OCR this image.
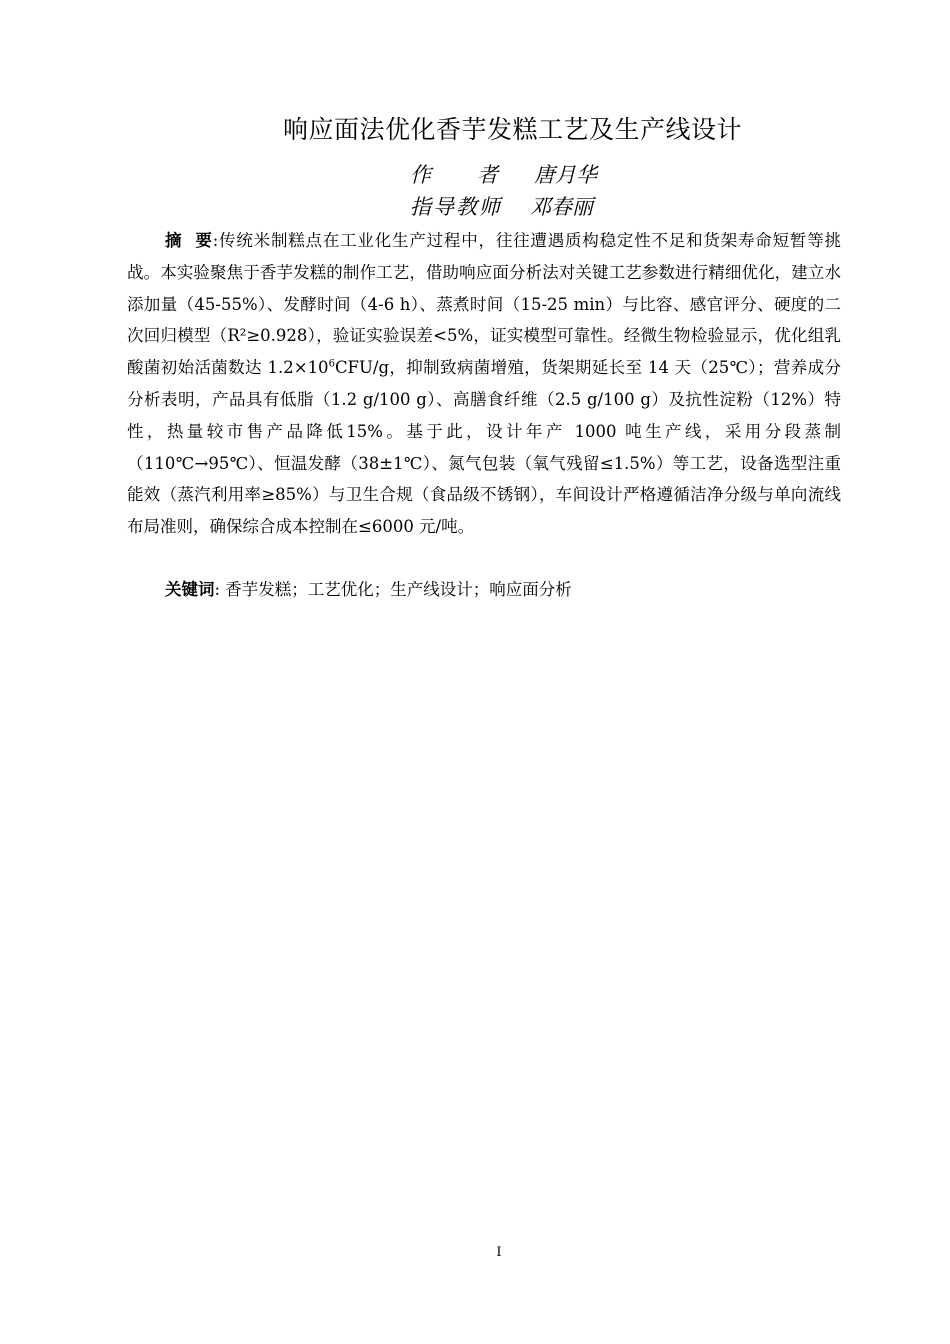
响应面法优化香芋发糕工艺及生产线设计
作者唐月华
指导教师 邓春丽

摘  要:传统米制糕点在工业化生产过程中，往往遭遇质构稳定性不足和货架寿命短暂等挑战。本实验聚焦于香芋发糕的制作工艺，借助响应面分析法对关键工艺参数进行精细优化，建立水添加量（45-55%）、发酵时间（4-6 h）、蒸煮时间（15-25 min）与比容、感官评分、硬度的二次回归模型（R²≥0.928），验证实验误差<5%，证实模型可靠性。经微生物检验显示，优化组乳酸菌初始活菌数达 $1.2\times 10^6CFU/g$，抑制致病菌增殖，货架期延长至 14 天（25℃）；营养成分分析表明，产品具有低脂（1.2 g/100 g）、高膳食纤维（2.5 g/100 g）及抗性淀粉（12%）特性，热量较市售产品降低15%。基于此，设计年产 1000 吨生产线，采用分段蒸制（110℃→95℃）、恒温发酵（38±1℃）、氮气包装（氧气残留≤1.5%）等工艺，设备选型注重能效（蒸汽利用率≥85%）与卫生合规（食品级不锈钢），车间设计严格遵循洁净分级与单向流线布局准则，确保综合成本控制在≤6000 元/吨。

关键词: 香芋发糕；工艺优化；生产线设计；响应面分析

I
